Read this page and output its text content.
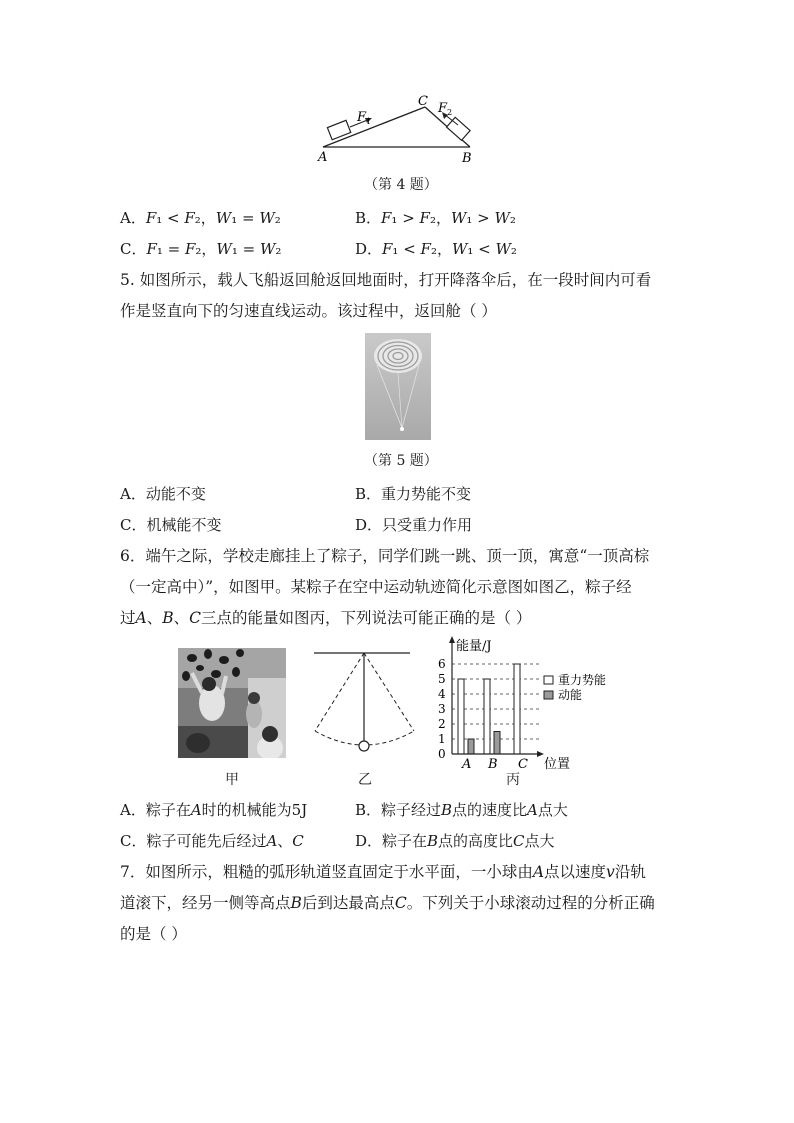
A	B
C
F 1
F 2
（第 4 题）
A．𝐹₁ < 𝐹₂，𝑊₁ = 𝑊₂	B．𝐹₁ > 𝐹₂，𝑊₁ > 𝑊₂
C．𝐹₁ = 𝐹₂，𝑊₁ = 𝑊₂	D．𝐹₁ < 𝐹₂，𝑊₁ < 𝑊₂
5. 如图所示，载人飞船返回舱返回地面时，打开降落伞后，在一段时间内可看
作是竖直向下的匀速直线运动。该过程中，返回舱（ ）
（第 5 题）
A．动能不变	B．重力势能不变
C．机械能不变	D．只受重力作用
6．端午之际，学校走廊挂上了粽子，同学们跳一跳、顶一顶，寓意“一顶高棕
（一定高中）”，如图甲。某粽子在空中运动轨迹简化示意图如图乙，粽子经
过𝐴、𝐵、𝐶三点的能量如图丙，下列说法可能正确的是（ ）
甲	乙
0
1
2
3
4
5
6
A B C
能量/J
位置
重力势能
动能
丙
A．粽子在𝐴时的机械能为5J	B．粽子经过𝐵点的速度比𝐴点大
C．粽子可能先后经过𝐴、𝐶	D．粽子在𝐵点的高度比𝐶点大
7．如图所示，粗糙的弧形轨道竖直固定于水平面，一小球由𝐴点以速度𝑣沿轨
道滚下，经另一侧等高点𝐵后到达最高点𝐶。下列关于小球滚动过程的分析正确
的是（ ）
